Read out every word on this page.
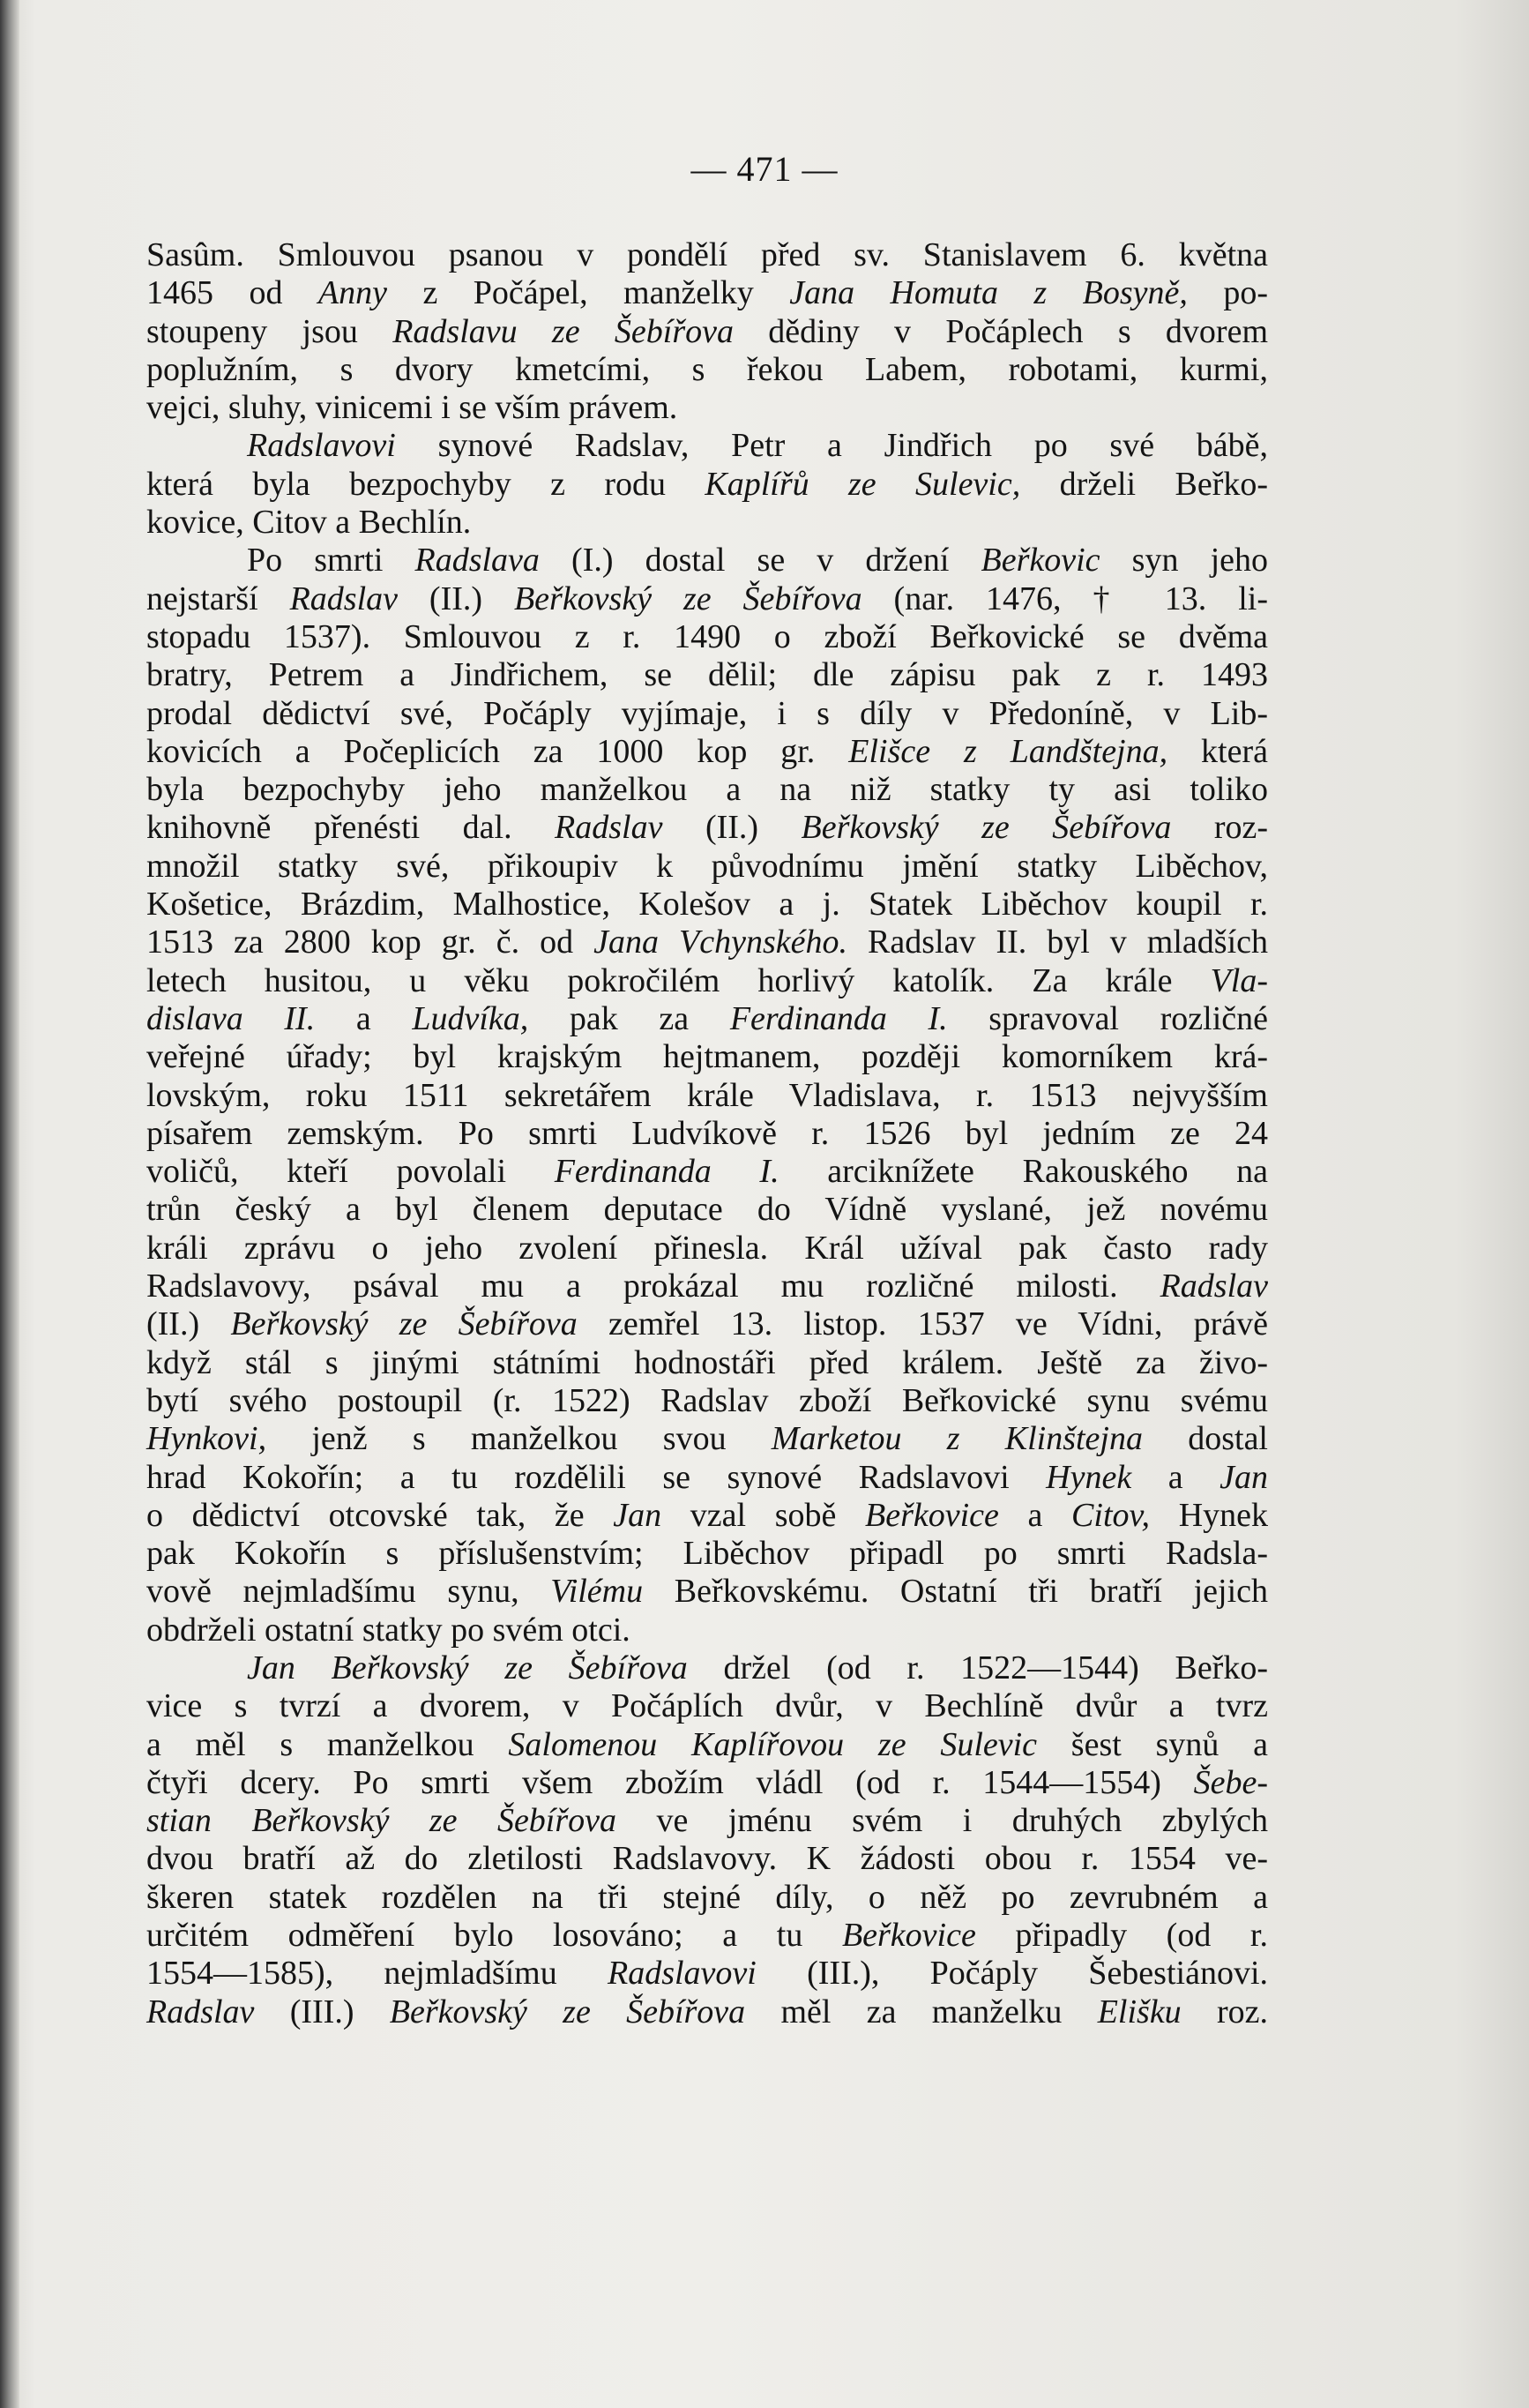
— 471 —
Sasûm. Smlouvou psanou v pondělí před sv. Stanislavem 6. května
1465 od Anny z Počápel, manželky Jana Homuta z Bosyně, po-
stoupeny jsou Radslavu ze Šebířova dědiny v Počáplech s dvorem
poplužním, s dvory kmetcími, s řekou Labem, robotami, kurmi,
vejci, sluhy, vinicemi i se vším právem.
Radslavovi synové Radslav, Petr a Jindřich po své bábě,
která byla bezpochyby z rodu Kaplířů ze Sulevic, drželi Beřko-
kovice, Citov a Bechlín.
Po smrti Radslava (I.) dostal se v držení Beřkovic syn jeho
nejstarší Radslav (II.) Beřkovský ze Šebířova (nar. 1476, † 13. li-
stopadu 1537). Smlouvou z r. 1490 o zboží Beřkovické se dvěma
bratry, Petrem a Jindřichem, se dělil; dle zápisu pak z r. 1493
prodal dědictví své, Počáply vyjímaje, i s díly v Předoníně, v Lib-
kovicích a Počeplicích za 1000 kop gr. Elišce z Landštejna, která
byla bezpochyby jeho manželkou a na niž statky ty asi toliko
knihovně přenésti dal. Radslav (II.) Beřkovský ze Šebířova roz-
množil statky své, přikoupiv k původnímu jmění statky Liběchov,
Košetice, Brázdim, Malhostice, Kolešov a j. Statek Liběchov koupil r.
1513 za 2800 kop gr. č. od Jana Vchynského. Radslav II. byl v mladších
letech husitou, u věku pokročilém horlivý katolík. Za krále Vla-
dislava II. a Ludvíka, pak za Ferdinanda I. spravoval rozličné
veřejné úřady; byl krajským hejtmanem, později komorníkem krá-
lovským, roku 1511 sekretářem krále Vladislava, r. 1513 nejvyšším
písařem zemským. Po smrti Ludvíkově r. 1526 byl jedním ze 24
voličů, kteří povolali Ferdinanda I. arciknížete Rakouského na
trůn český a byl členem deputace do Vídně vyslané, jež novému
králi zprávu o jeho zvolení přinesla. Král užíval pak často rady
Radslavovy, psával mu a prokázal mu rozličné milosti. Radslav
(II.) Beřkovský ze Šebířova zemřel 13. listop. 1537 ve Vídni, právě
když stál s jinými státními hodnostáři před králem. Ještě za živo-
bytí svého postoupil (r. 1522) Radslav zboží Beřkovické synu svému
Hynkovi, jenž s manželkou svou Marketou z Klinštejna dostal
hrad Kokořín; a tu rozdělili se synové Radslavovi Hynek a Jan
o dědictví otcovské tak, že Jan vzal sobě Beřkovice a Citov, Hynek
pak Kokořín s příslušenstvím; Liběchov připadl po smrti Radsla-
vově nejmladšímu synu, Vilému Beřkovskému. Ostatní tři bratří jejich
obdrželi ostatní statky po svém otci.
Jan Beřkovský ze Šebířova držel (od r. 1522—1544) Beřko-
vice s tvrzí a dvorem, v Počáplích dvůr, v Bechlíně dvůr a tvrz
a měl s manželkou Salomenou Kaplířovou ze Sulevic šest synů a
čtyři dcery. Po smrti všem zbožím vládl (od r. 1544—1554) Šebe-
stian Beřkovský ze Šebířova ve jménu svém i druhých zbylých
dvou bratří až do zletilosti Radslavovy. K žádosti obou r. 1554 ve-
škeren statek rozdělen na tři stejné díly, o něž po zevrubném a
určitém odměření bylo losováno; a tu Beřkovice připadly (od r.
1554—1585), nejmladšímu Radslavovi (III.), Počáply Šebestiánovi.
Radslav (III.) Beřkovský ze Šebířova měl za manželku Elišku roz.
